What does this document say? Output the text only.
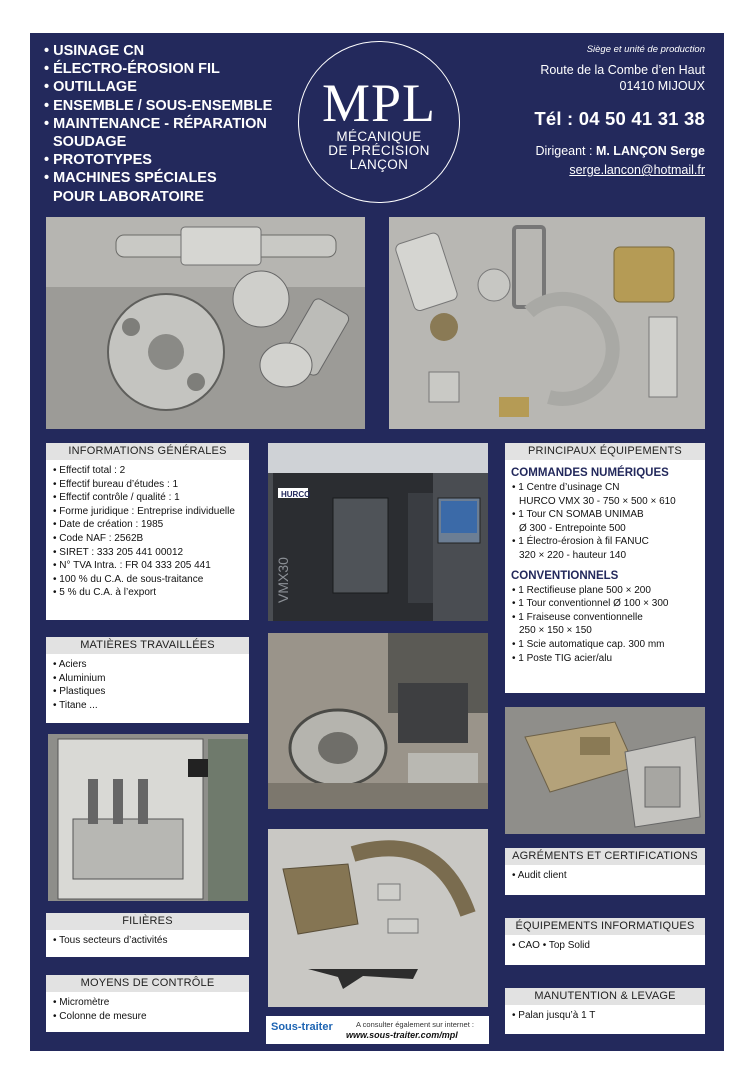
• USINAGE CN
• ÉLECTRO-ÉROSION FIL
• OUTILLAGE
• ENSEMBLE / SOUS-ENSEMBLE
• MAINTENANCE - RÉPARATION
SOUDAGE
• PROTOTYPES
• MACHINES SPÉCIALES
POUR LABORATOIRE
MPL
MÉCANIQUE
DE PRÉCISION
LANÇON
Siège et unité de production
Route de la Combe d’en Haut
01410 MIJOUX
Tél : 04 50 41 31 38
Dirigeant : M. LANÇON Serge
serge.lancon@hotmail.fr
HURCO
VMX30
INFORMATIONS GÉNÉRALES
• Effectif total : 2
• Effectif bureau d’études : 1
• Effectif contrôle / qualité : 1
• Forme juridique : Entreprise individuelle
• Date de création : 1985
• Code NAF : 2562B
• SIRET : 333 205 441 00012
• N° TVA Intra. : FR 04 333 205 441
• 100 % du C.A. de sous-traitance
• 5 % du C.A. à l’export
MATIÈRES TRAVAILLÉES
• Aciers
• Aluminium
• Plastiques
• Titane ...
FILIÈRES
• Tous secteurs d’activités
MOYENS DE CONTRÔLE
• Micromètre
• Colonne de mesure
PRINCIPAUX ÉQUIPEMENTS
COMMANDES NUMÉRIQUES
• 1 Centre d’usinage CN
HURCO VMX 30 - 750 × 500 × 610
• 1 Tour CN SOMAB UNIMAB
Ø 300 - Entrepointe 500
• 1 Électro-érosion à fil FANUC
320 × 220 - hauteur 140
CONVENTIONNELS
• 1 Rectifieuse plane 500 × 200
• 1 Tour conventionnel Ø 100 × 300
• 1 Fraiseuse conventionnelle
250 × 150 × 150
• 1 Scie automatique cap. 300 mm
• 1 Poste TIG acier/alu
AGRÉMENTS ET CERTIFICATIONS
• Audit client
ÉQUIPEMENTS INFORMATIQUES
• CAO • Top Solid
MANUTENTION & LEVAGE
• Palan jusqu’à 1 T
Sous-traiter	A consulter également sur internet :
www.sous-traiter.com/mpl
